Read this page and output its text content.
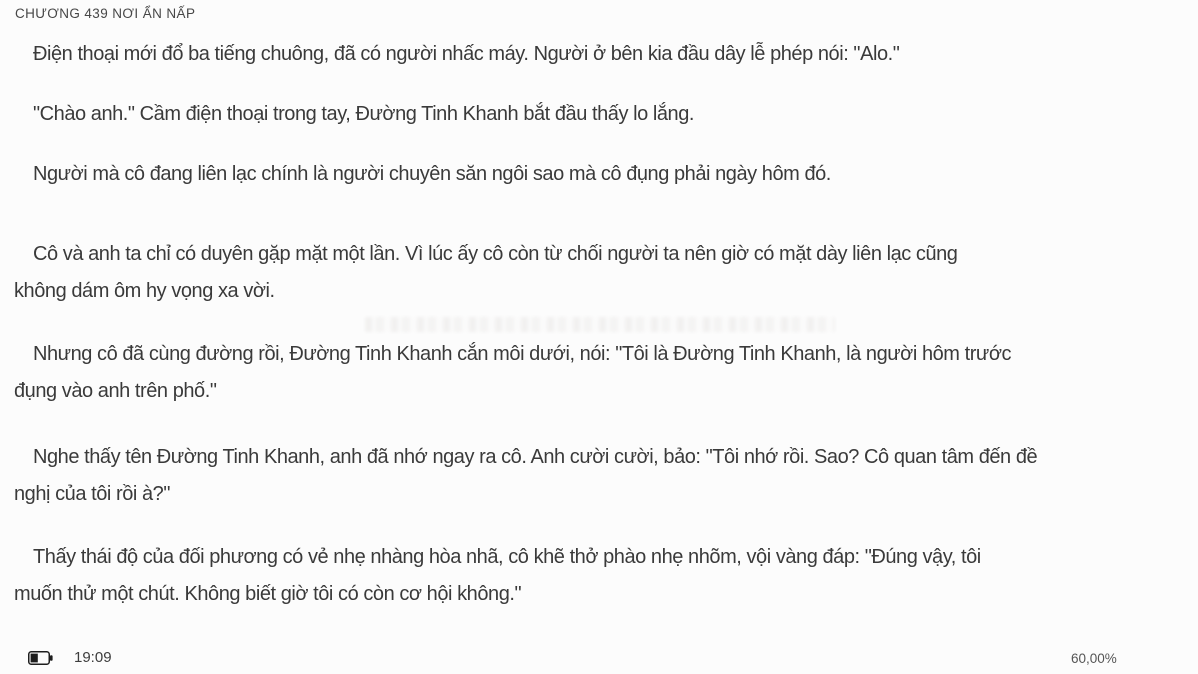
CHƯƠNG 439 NƠI ẨN NẤP
Điện thoại mới đổ ba tiếng chuông, đã có người nhấc máy. Người ở bên kia đầu dây lễ phép nói: "Alo."
"Chào anh." Cầm điện thoại trong tay, Đường Tinh Khanh bắt đầu thấy lo lắng.
Người mà cô đang liên lạc chính là người chuyên săn ngôi sao mà cô đụng phải ngày hôm đó.
Cô và anh ta chỉ có duyên gặp mặt một lần. Vì lúc ấy cô còn từ chối người ta nên giờ có mặt dày liên lạc cũng
không dám ôm hy vọng xa vời.
Nhưng cô đã cùng đường rồi, Đường Tinh Khanh cắn môi dưới, nói: "Tôi là Đường Tinh Khanh, là người hôm trước
đụng vào anh trên phố."
Nghe thấy tên Đường Tinh Khanh, anh đã nhớ ngay ra cô. Anh cười cười, bảo: "Tôi nhớ rồi. Sao? Cô quan tâm đến đề
nghị của tôi rồi à?"
Thấy thái độ của đối phương có vẻ nhẹ nhàng hòa nhã, cô khẽ thở phào nhẹ nhõm, vội vàng đáp: "Đúng vậy, tôi
muốn thử một chút. Không biết giờ tôi có còn cơ hội không."
19:09	60,00%
